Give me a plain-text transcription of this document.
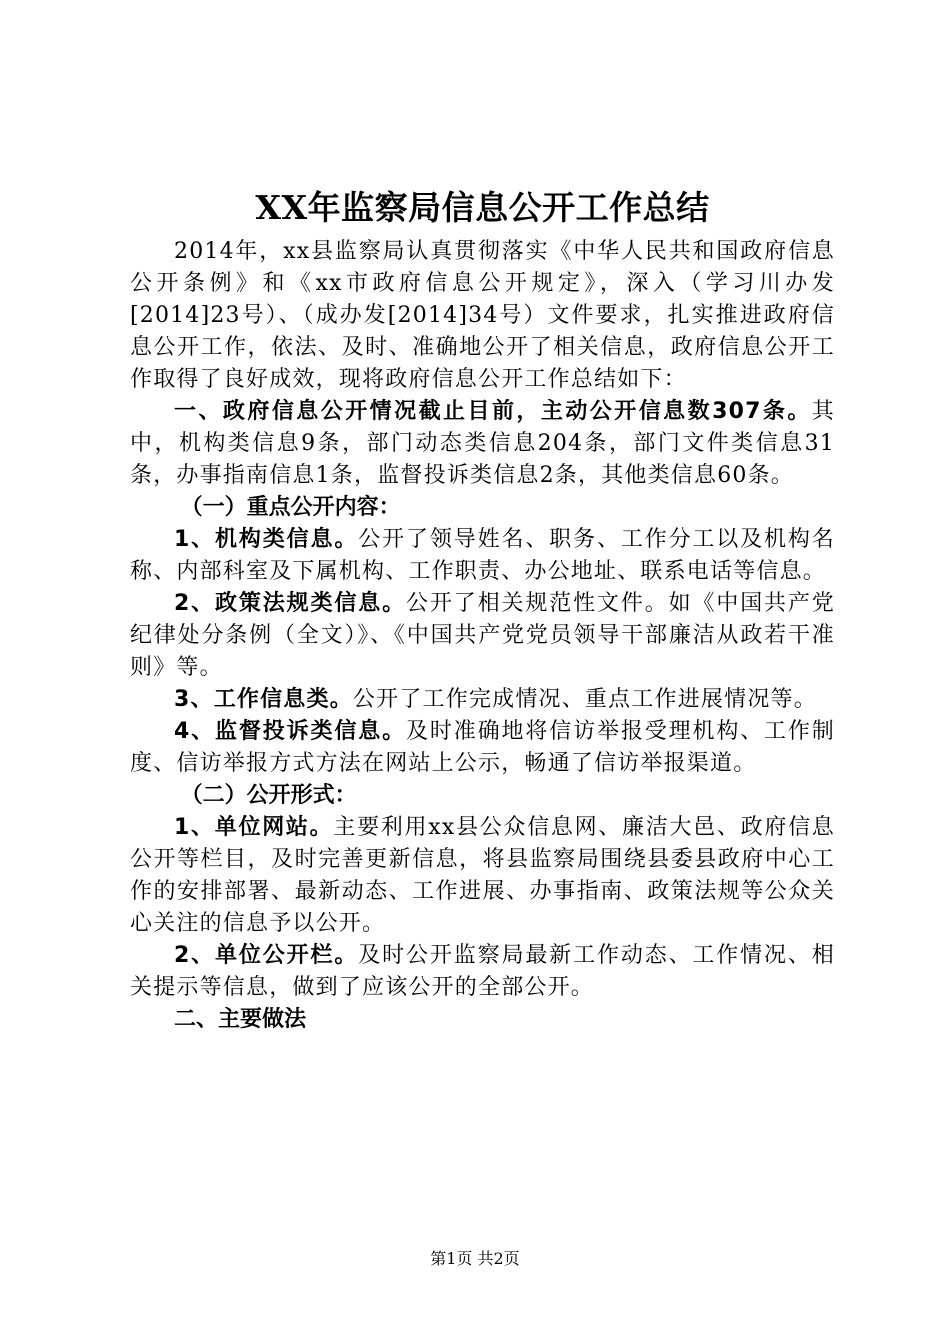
XX年监察局信息公开工作总结

2014年，xx县监察局认真贯彻落实《中华人民共和国政府信息公开条例》和《xx市政府信息公开规定》，深入（学习川办发[2014]23号）、（成办发[2014]34号）文件要求，扎实推进政府信息公开工作，依法、及时、准确地公开了相关信息，政府信息公开工作取得了良好成效，现将政府信息公开工作总结如下：

一、政府信息公开情况截止目前，主动公开信息数307条。其中，机构类信息9条，部门动态类信息204条，部门文件类信息31条，办事指南信息1条，监督投诉类信息2条，其他类信息60条。

（一）重点公开内容：

1、机构类信息。公开了领导姓名、职务、工作分工以及机构名称、内部科室及下属机构、工作职责、办公地址、联系电话等信息。

2、政策法规类信息。公开了相关规范性文件。如《中国共产党纪律处分条例（全文）》、《中国共产党党员领导干部廉洁从政若干准则》等。

3、工作信息类。公开了工作完成情况、重点工作进展情况等。

4、监督投诉类信息。及时准确地将信访举报受理机构、工作制度、信访举报方式方法在网站上公示，畅通了信访举报渠道。

（二）公开形式：

1、单位网站。主要利用xx县公众信息网、廉洁大邑、政府信息公开等栏目，及时完善更新信息，将县监察局围绕县委县政府中心工作的安排部署、最新动态、工作进展、办事指南、政策法规等公众关心关注的信息予以公开。

2、单位公开栏。及时公开监察局最新工作动态、工作情况、相关提示等信息，做到了应该公开的全部公开。

二、主要做法

第1页 共2页
